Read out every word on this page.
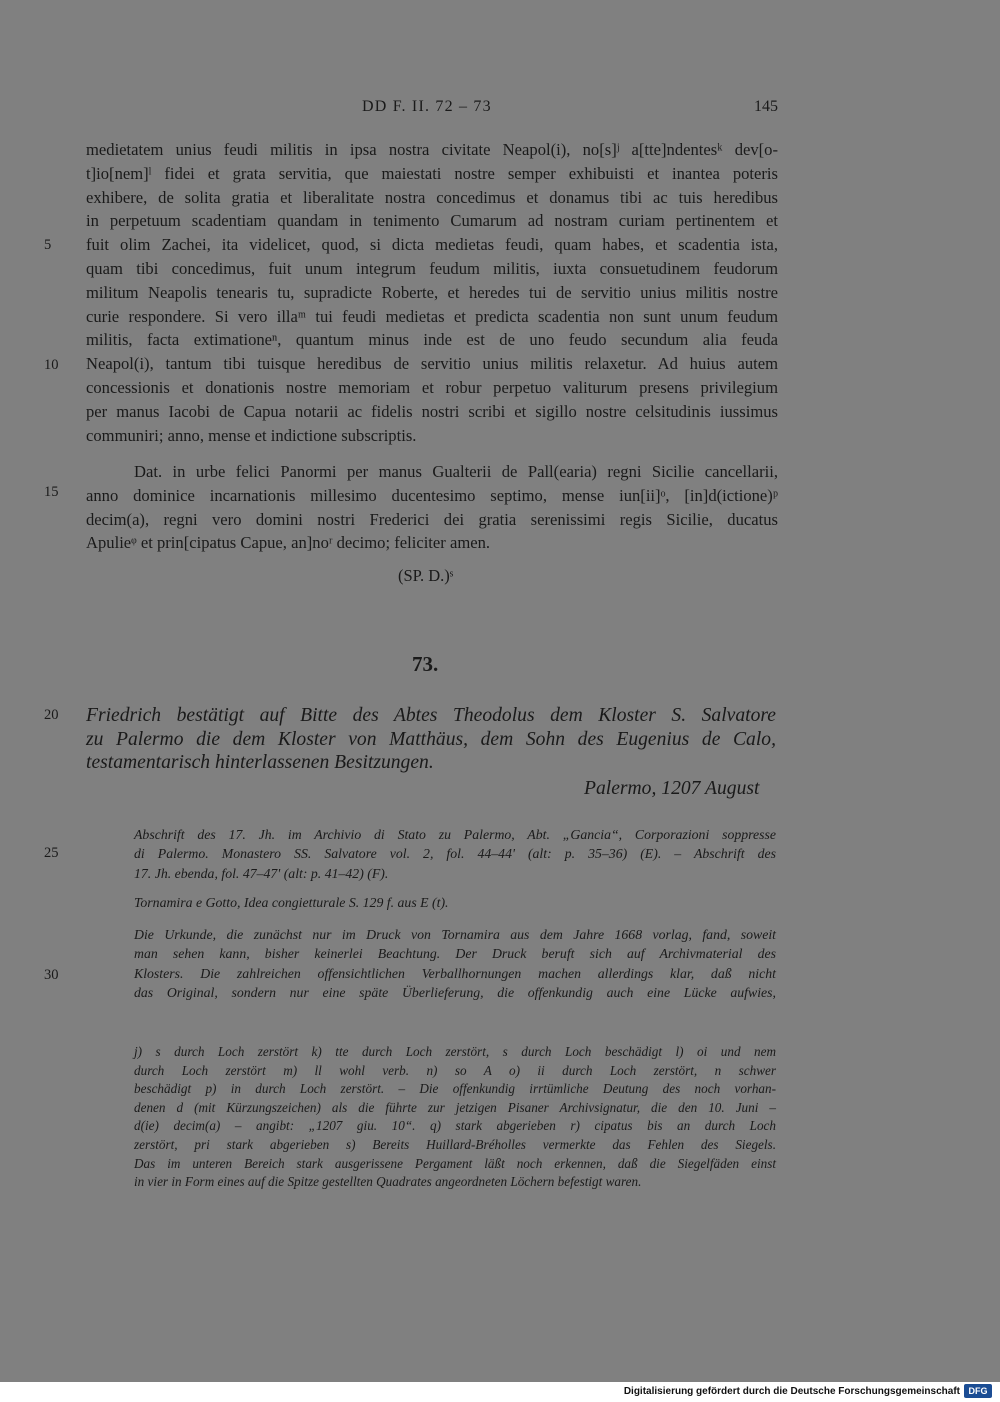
DD F. II. 72 – 73	145
medietatem unius feudi militis in ipsa nostra civitate Neapol(i), no[s]ʲ a[tte]ndentesᵏ dev[o-
t]io[nem]ˡ fidei et grata servitia, que maiestati nostre semper exhibuisti et inantea poteris
exhibere, de solita gratia et liberalitate nostra concedimus et donamus tibi ac tuis heredibus
in perpetuum scadentiam quandam in tenimento Cumarum ad nostram curiam pertinentem et
fuit olim Zachei, ita videlicet, quod, si dicta medietas feudi, quam habes, et scadentia ista,
quam tibi concedimus, fuit unum integrum feudum militis, iuxta consuetudinem feudorum
militum Neapolis tenearis tu, supradicte Roberte, et heredes tui de servitio unius militis nostre
curie respondere. Si vero illaᵐ tui feudi medietas et predicta scadentia non sunt unum feudum
militis, facta extimationeⁿ, quantum minus inde est de uno feudo secundum alia feuda
Neapol(i), tantum tibi tuisque heredibus de servitio unius militis relaxetur. Ad huius autem
concessionis et donationis nostre memoriam et robur perpetuo valiturum presens privilegium
per manus Iacobi de Capua notarii ac fidelis nostri scribi et sigillo nostre celsitudinis iussimus
communiri; anno, mense et indictione subscriptis.
Dat. in urbe felici Panormi per manus Gualterii de Pall(earia) regni Sicilie cancellarii,
anno dominice incarnationis millesimo ducentesimo septimo, mense iun[ii]ᵒ, [in]d(ictione)ᵖ
decim(a), regni vero domini nostri Frederici dei gratia serenissimi regis Sicilie, ducatus
Apulieᵠ et prin[cipatus Capue, an]noʳ decimo; feliciter amen.
5
10
15
20
25
30
(SP. D.)ˢ
73.
Friedrich bestätigt auf Bitte des Abtes Theodolus dem Kloster S. Salvatore
zu Palermo die dem Kloster von Matthäus, dem Sohn des Eugenius de Calo,
testamentarisch hinterlassenen Besitzungen.
Palermo, 1207 August
Abschrift des 17. Jh. im Archivio di Stato zu Palermo, Abt. „Gancia“, Corporazioni soppresse
di Palermo. Monastero SS. Salvatore vol. 2, fol. 44–44' (alt: p. 35–36) (E). – Abschrift des
17. Jh. ebenda, fol. 47–47' (alt: p. 41–42) (F).
Tornamira e Gotto, Idea congietturale S. 129 f. aus E (t).
Die Urkunde, die zunächst nur im Druck von Tornamira aus dem Jahre 1668 vorlag, fand, soweit
man sehen kann, bisher keinerlei Beachtung. Der Druck beruft sich auf Archivmaterial des
Klosters. Die zahlreichen offensichtlichen Verballhornungen machen allerdings klar, daß nicht
das Original, sondern nur eine späte Überlieferung, die offenkundig auch eine Lücke aufwies,
j) s durch Loch zerstört k) tte durch Loch zerstört, s durch Loch beschädigt l) oi und nem
durch Loch zerstört m) ll wohl verb. n) so A o) ii durch Loch zerstört, n schwer
beschädigt p) in durch Loch zerstört. – Die offenkundig irrtümliche Deutung des noch vorhan-
denen d (mit Kürzungszeichen) als die führte zur jetzigen Pisaner Archivsignatur, die den 10. Juni –
d(ie) decim(a) – angibt: „1207 giu. 10“. q) stark abgerieben r) cipatus bis an durch Loch
zerstört, pri stark abgerieben s) Bereits Huillard-Bréholles vermerkte das Fehlen des Siegels.
Das im unteren Bereich stark ausgerissene Pergament läßt noch erkennen, daß die Siegelfäden einst
in vier in Form eines auf die Spitze gestellten Quadrates angeordneten Löchern befestigt waren.
Digitalisierung gefördert durch die Deutsche Forschungsgemeinschaft DFG
